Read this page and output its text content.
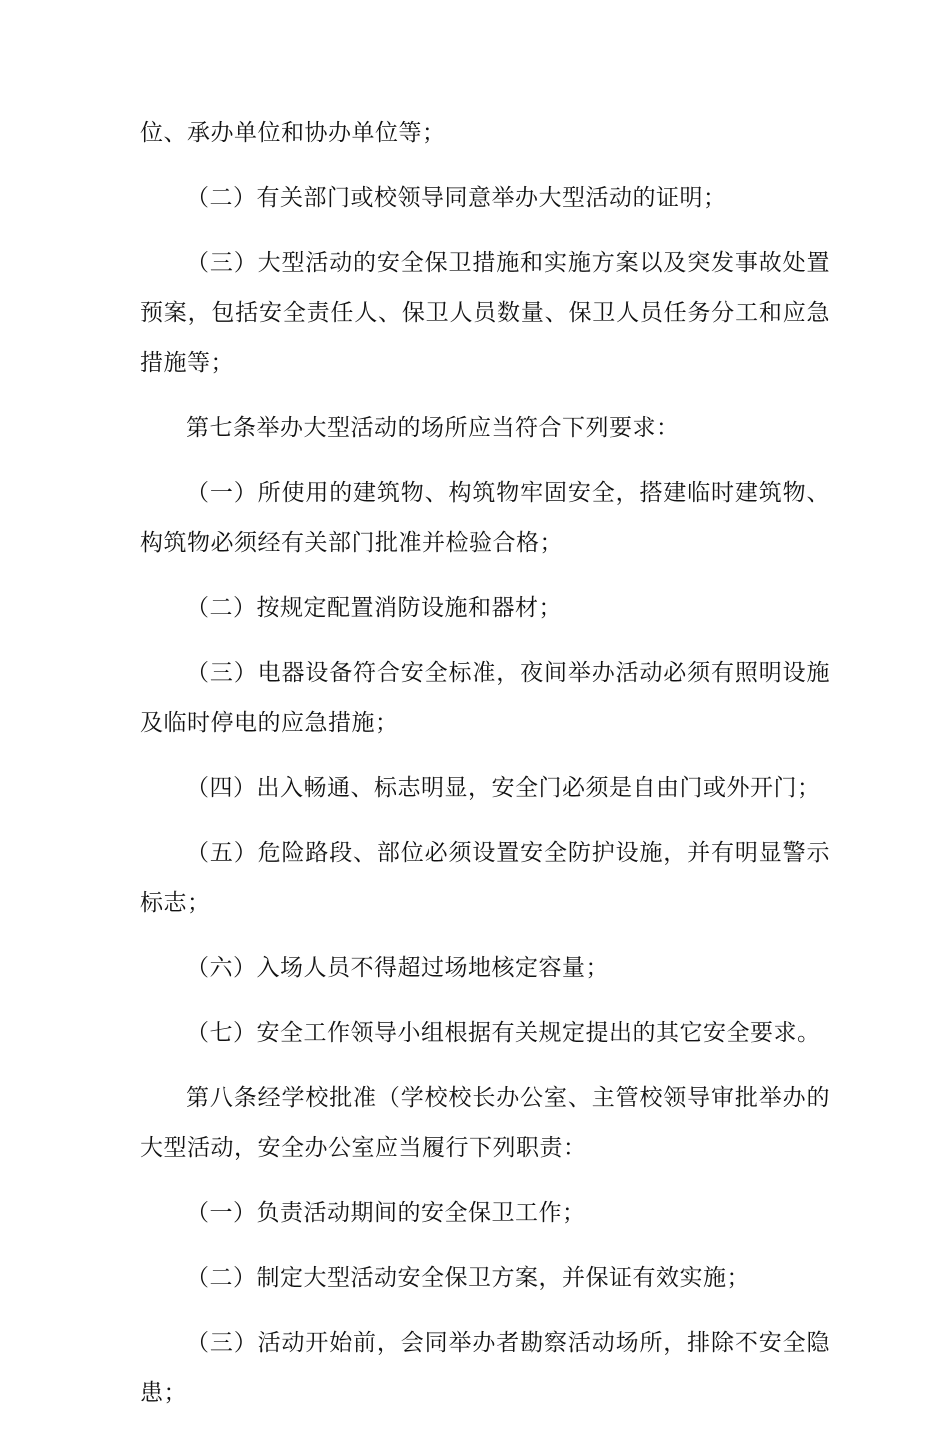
位、承办单位和协办单位等；

（二）有关部门或校领导同意举办大型活动的证明；

（三）大型活动的安全保卫措施和实施方案以及突发事故处置预案，包括安全责任人、保卫人员数量、保卫人员任务分工和应急措施等；

第七条举办大型活动的场所应当符合下列要求：

（一）所使用的建筑物、构筑物牢固安全，搭建临时建筑物、构筑物必须经有关部门批准并检验合格；

（二）按规定配置消防设施和器材；

（三）电器设备符合安全标准，夜间举办活动必须有照明设施及临时停电的应急措施；

（四）出入畅通、标志明显，安全门必须是自由门或外开门；

（五）危险路段、部位必须设置安全防护设施，并有明显警示标志；

（六）入场人员不得超过场地核定容量；

（七）安全工作领导小组根据有关规定提出的其它安全要求。

第八条经学校批准（学校校长办公室、主管校领导审批举办的大型活动，安全办公室应当履行下列职责：

（一）负责活动期间的安全保卫工作；

（二）制定大型活动安全保卫方案，并保证有效实施；

（三）活动开始前，会同举办者勘察活动场所，排除不安全隐患；
